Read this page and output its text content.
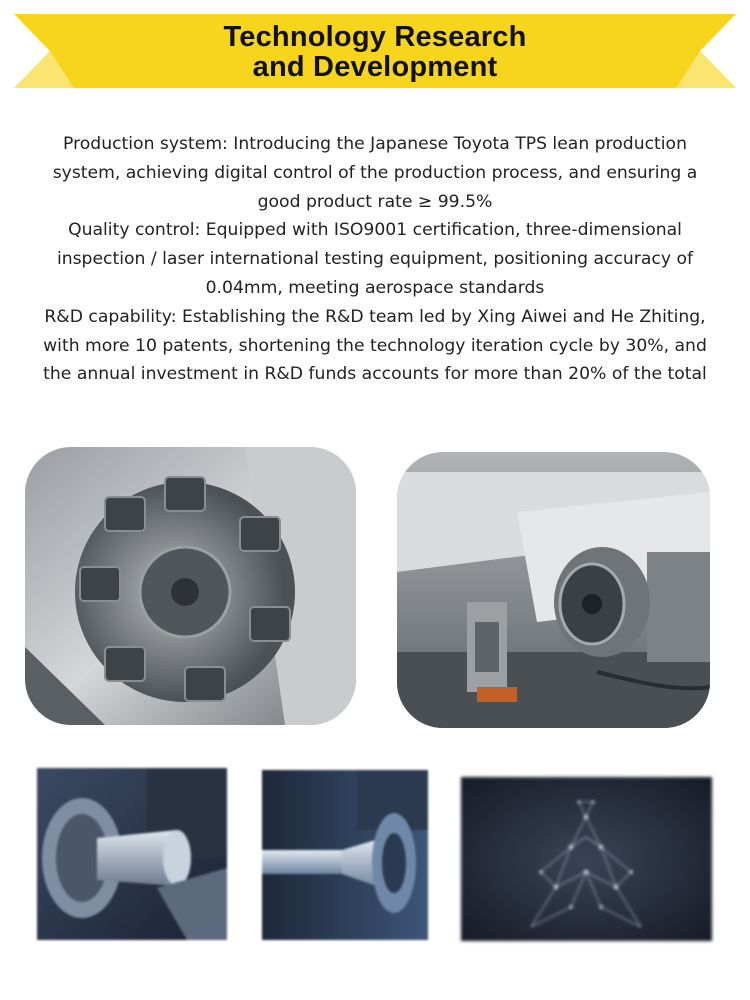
Technology Research
and Development

Production system: Introducing the Japanese Toyota TPS lean production system, achieving digital control of the production process, and ensuring a good product rate ≥ 99.5%

Quality control: Equipped with ISO9001 certification, three-dimensional inspection / laser international testing equipment, positioning accuracy of 0.04mm, meeting aerospace standards

R&D capability: Establishing the R&D team led by Xing Aiwei and He Zhiting, with more 10 patents, shortening the technology iteration cycle by 30%, and the annual investment in R&D funds accounts for more than 20% of the total
